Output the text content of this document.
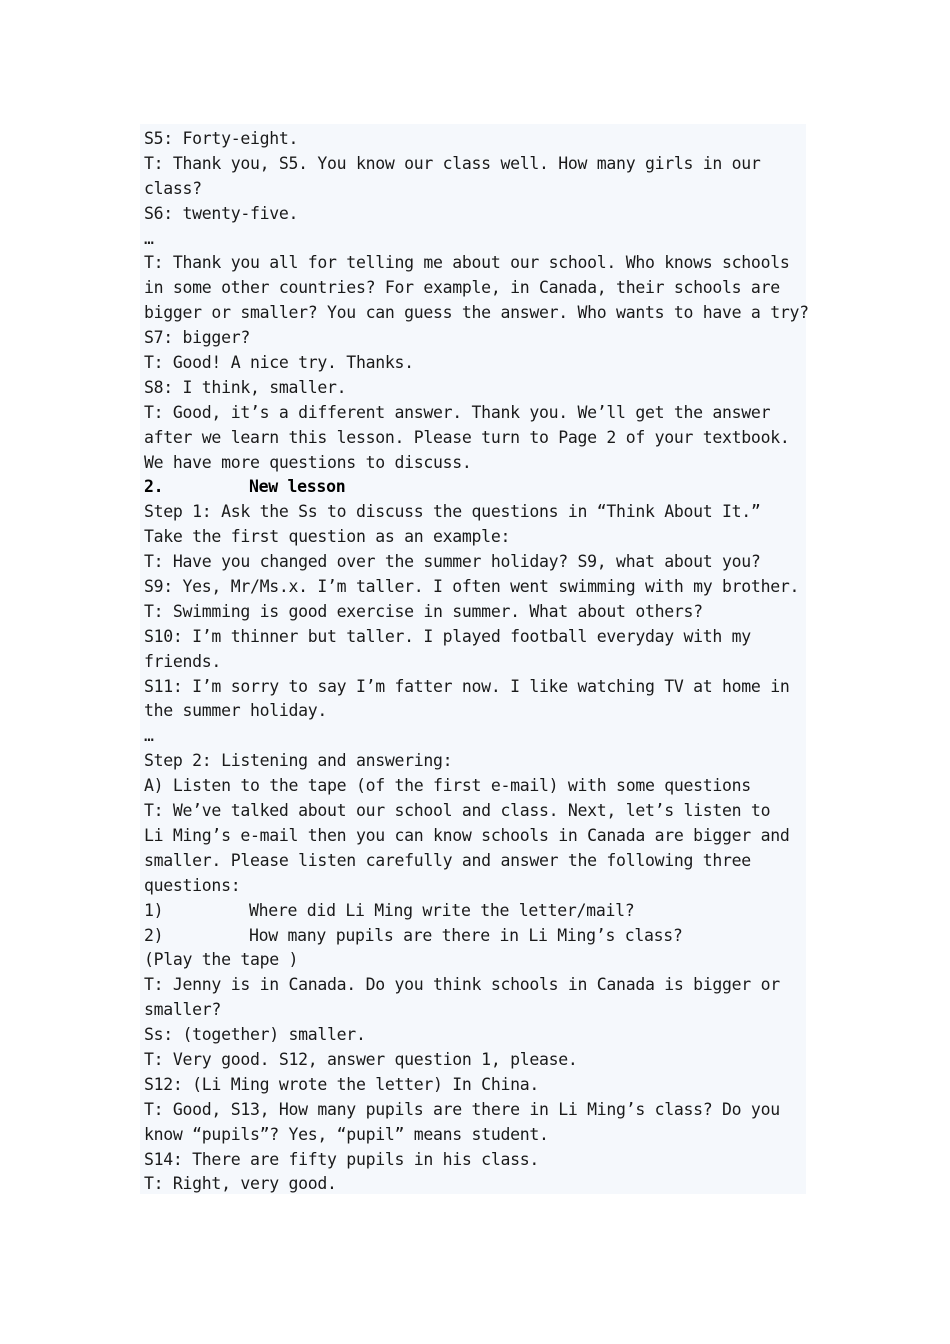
S5: Forty-eight.
T: Thank you, S5. You know our class well. How many girls in our
class?
S6: twenty-five.
…
T: Thank you all for telling me about our school. Who knows schools
in some other countries? For example, in Canada, their schools are
bigger or smaller? You can guess the answer. Who wants to have a try?
S7: bigger?
T: Good! A nice try. Thanks.
S8: I think, smaller.
T: Good, it’s a different answer. Thank you. We’ll get the answer
after we learn this lesson. Please turn to Page 2 of your textbook.
We have more questions to discuss.
2.	New lesson
Step 1: Ask the Ss to discuss the questions in “Think About It.”
Take the first question as an example:
T: Have you changed over the summer holiday? S9, what about you?
S9: Yes, Mr/Ms.x. I’m taller. I often went swimming with my brother.
T: Swimming is good exercise in summer. What about others?
S10: I’m thinner but taller. I played football everyday with my
friends.
S11: I’m sorry to say I’m fatter now. I like watching TV at home in
the summer holiday.
…
Step 2: Listening and answering:
A) Listen to the tape (of the first e-mail) with some questions
T: We’ve talked about our school and class. Next, let’s listen to
Li Ming’s e-mail then you can know schools in Canada are bigger and
smaller. Please listen carefully and answer the following three
questions:
1)	Where did Li Ming write the letter/mail?
2)	How many pupils are there in Li Ming’s class?
(Play the tape )
T: Jenny is in Canada. Do you think schools in Canada is bigger or
smaller?
Ss: (together) smaller.
T: Very good. S12, answer question 1, please.
S12: (Li Ming wrote the letter) In China.
T: Good, S13, How many pupils are there in Li Ming’s class? Do you
know “pupils”? Yes, “pupil” means student.
S14: There are fifty pupils in his class.
T: Right, very good.
